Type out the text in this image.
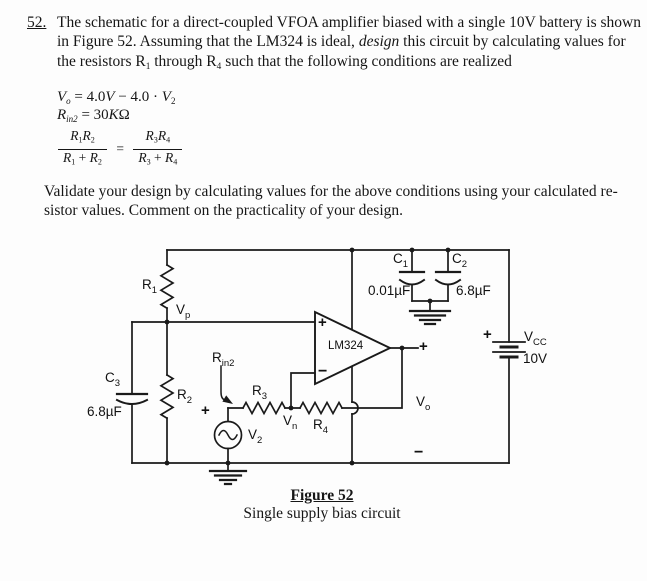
52. The schematic for a direct-coupled VFOA amplifier biased with a single 10V battery is shown
in Figure 52. Assuming that the LM324 is ideal, design this circuit by calculating values for
the resistors $R_1$ through $R_4$ such that the following conditions are realized
$V_o = 4.0V - 4.0 \cdot V_2$
$R_{in2} = 30K\Omega$
$\frac{R_1R_2}{R_1 + R_2} = \frac{R_3R_4}{R_3 + R_4}$
Validate your design by calculating values for the above conditions using your calculated re-
sistor values. Comment on the practicality of your design.
$R_1$
$V_p$
$C_3$
6.8µF
$R_2$
$R_{in2}$
+
$V_2$
$R_3$
$V_n$ $R_4$
+
−
LM324	+
$V_o$
−
$C_1$
0.01µF
$C_2$
6.8µF
+ $V_{CC}$
10V
Figure 52
Single supply bias circuit
